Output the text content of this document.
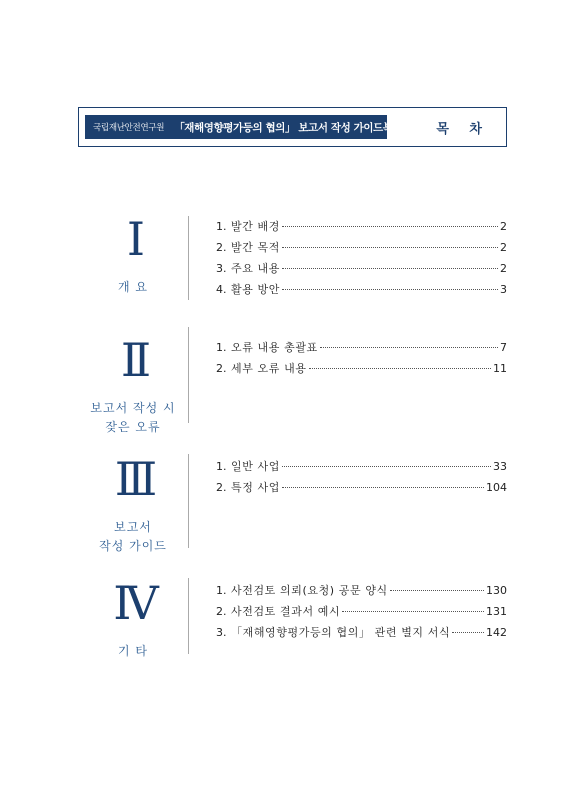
국립재난안전연구원 「재해영향평가등의 협의」 보고서 작성 가이드북	목 차
I
개 요
1. 발간 배경	2
2. 발간 목적	2
3. 주요 내용	2
4. 활용 방안	3
II
보고서 작성 시
잦은 오류
1. 오류 내용 총괄표	7
2. 세부 오류 내용	11
III
보고서
작성 가이드
1. 일반 사업	33
2. 특정 사업	104
IV
기 타
1. 사전검토 의뢰(요청) 공문 양식	130
2. 사전검토 결과서 예시	131
3. 「재해영향평가등의 협의」 관련 별지 서식	142
